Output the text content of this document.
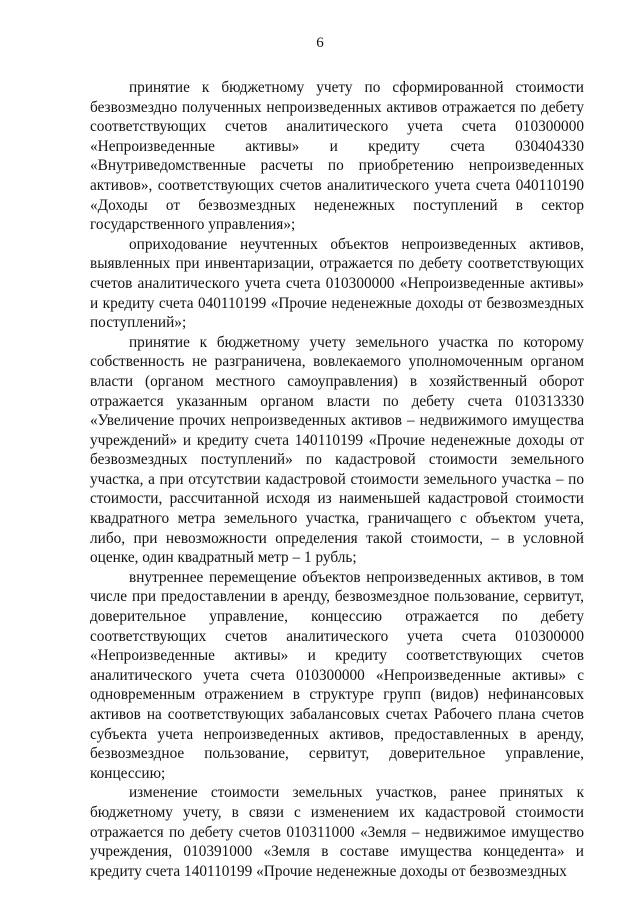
6

принятие к бюджетному учету по сформированной стоимости безвозмездно полученных непроизведенных активов отражается по дебету соответствующих счетов аналитического учета счета 010300000 «Непроизведенные активы» и кредиту счета 030404330 «Внутриведомственные расчеты по приобретению непроизведенных активов», соответствующих счетов аналитического учета счета 040110190 «Доходы от безвозмездных неденежных поступлений в сектор государственного управления»;

оприходование неучтенных объектов непроизведенных активов, выявленных при инвентаризации, отражается по дебету соответствующих счетов аналитического учета счета 010300000 «Непроизведенные активы» и кредиту счета 040110199 «Прочие неденежные доходы от безвозмездных поступлений»;

принятие к бюджетному учету земельного участка по которому собственность не разграничена, вовлекаемого уполномоченным органом власти (органом местного самоуправления) в хозяйственный оборот отражается указанным органом власти по дебету счета 010313330 «Увеличение прочих непроизведенных активов – недвижимого имущества учреждений» и кредиту счета 140110199 «Прочие неденежные доходы от безвозмездных поступлений» по кадастровой стоимости земельного участка, а при отсутствии кадастровой стоимости земельного участка – по стоимости, рассчитанной исходя из наименьшей кадастровой стоимости квадратного метра земельного участка, граничащего с объектом учета, либо, при невозможности определения такой стоимости, – в условной оценке, один квадратный метр – 1 рубль;

внутреннее перемещение объектов непроизведенных активов, в том числе при предоставлении в аренду, безвозмездное пользование, сервитут, доверительное управление, концессию отражается по дебету соответствующих счетов аналитического учета счета 010300000 «Непроизведенные активы» и кредиту соответствующих счетов аналитического учета счета 010300000 «Непроизведенные активы» с одновременным отражением в структуре групп (видов) нефинансовых активов на соответствующих забалансовых счетах Рабочего плана счетов субъекта учета непроизведенных активов, предоставленных в аренду, безвозмездное пользование, сервитут, доверительное управление, концессию;

изменение стоимости земельных участков, ранее принятых к бюджетному учету, в связи с изменением их кадастровой стоимости отражается по дебету счетов 010311000 «Земля – недвижимое имущество учреждения, 010391000 «Земля в составе имущества концедента» и кредиту счета 140110199 «Прочие неденежные доходы от безвозмездных
